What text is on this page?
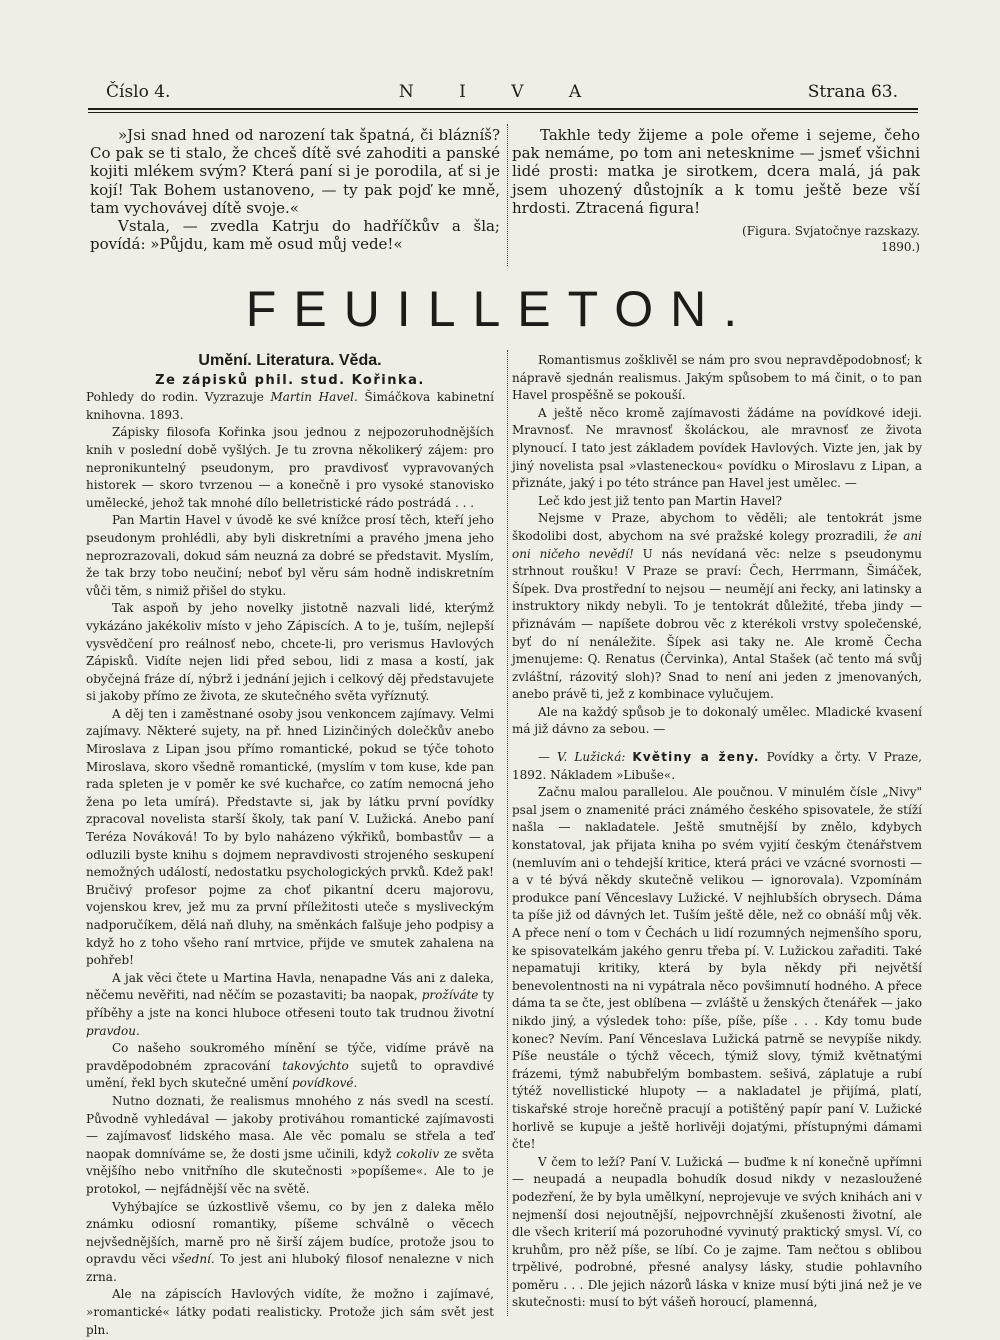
N I V A
Číslo 4.	Strana 63.

»Jsi snad hned od narození tak špatná, či blázníš? Co pak se ti stalo, že chceš dítě své zahoditi a panské kojiti mlékem svým? Která paní si je porodila, ať si je kojí! Tak Bohem ustanoveno, — ty pak pojď ke mně, tam vychovávej dítě svoje.«

Vstala, — zvedla Katrju do hadříčkův a šla; povídá: »Půjdu, kam mě osud můj vede!«

Takhle tedy žijeme a pole ořeme i sejeme, čeho pak nemáme, po tom ani netesknime — jsmeť všichni lidé prosti: matka je sirotkem, dcera malá, já pak jsem uhozený důstojník a k tomu ještě beze vší hrdosti. Ztracená figura!

(Figura. Svjatočnye razskazy.
1890.)

FEUILLETON.
Umění. Literatura. Věda.
Ze zápisků phil. stud. Kořinka.

Pohledy do rodin. Vyzrazuje Martin Havel. Šimáčkova kabinetní knihovna. 1893.

Zápisky filosofa Kořinka jsou jednou z nejpozoruhodnějších knih v poslední době vyšlých. Je tu zrovna několikerý zájem: pro nepronikuntelný pseudonym, pro pravdivosť vypravovaných historek — skoro tvrzenou — a konečně i pro vysoké stanovisko umělecké, jehož tak mnohé dílo belletristické rádo postrádá . . .

Pan Martin Havel v úvodě ke své knížce prosí těch, kteří jeho pseudonym prohlédli, aby byli diskretními a pravého jmena jeho neprozrazovali, dokud sám neuzná za dobré se představit. Myslím, že tak brzy tobo neučiní; neboť byl věru sám hodně indiskretním vůči těm, s nimiž přišel do styku.

Tak aspoň by jeho novelky jistotně nazvali lidé, kterýmž vykázáno jakékoliv místo v jeho Zápiscích. A to je, tuším, nejlepší vysvědčení pro reálnosť nebo, chcete-li, pro verismus Havlových Zápisků. Vidíte nejen lidi před sebou, lidi z masa a kostí, jak obyčejná fráze dí, nýbrž i jednání jejich i celkový děj představujete si jakoby přímo ze života, ze skutečného světa vyříznutý.

A děj ten i zaměstnané osoby jsou venkoncem zajímavy. Velmi zajímavy. Některé sujety, na př. hned Lizinčiných dolečkův anebo Miroslava z Lipan jsou přímo romantické, pokud se týče tohoto Miroslava, skoro všedně romantické, (myslím v tom kuse, kde pan rada spleten je v poměr ke své kuchařce, co zatím nemocná jeho žena po leta umírá). Představte si, jak by látku první povídky zpracoval novelista starší školy, tak paní V. Lužická. Anebo paní Teréza Nováková! To by bylo naházeno výkřiků, bombastův — a odluzili byste knihu s dojmem nepravdivosti strojeného seskupení nemožných událostí, nedostatku psychologických prvků. Kdež pak! Bručivý profesor pojme za choť pikantní dceru majorovu, vojenskou krev, jež mu za první příležitosti uteče s mysliveckým nadporučíkem, dělá naň dluhy, na směnkách falšuje jeho podpisy a když ho z toho všeho raní mrtvice, přijde ve smutek zahalena na pohřeb!

A jak věci čtete u Martina Havla, nenapadne Vás ani z daleka, něčemu nevěřiti, nad něčím se pozastaviti; ba naopak, prožíváte ty příběhy a jste na konci hluboce otřeseni touto tak trudnou životní pravdou.

Co našeho soukromého mínění se týče, vidíme právě na pravděpodobném zpracování takovýchto sujetů to opravdivé umění, řekl bych skutečné umění povídkové.

Nutno doznati, že realismus mnohého z nás svedl na scestí. Původně vyhledával — jakoby protiváhou romantické zajímavosti — zajímavosť lidského masa. Ale věc pomalu se střela a teď naopak domníváme se, že dosti jsme učinili, když cokoliv ze světa vnějšího nebo vnitřního dle skutečnosti »popíšeme«. Ale to je protokol, — nejfádnější věc na světě.

Vyhýbajíce se úzkostlivě všemu, co by jen z daleka mělo známku odiosní romantiky, píšeme schválně o věcech nejvšednějších, marně pro ně širší zájem budíce, protože jsou to opravdu věci všední. To jest ani hluboký filosof nenalezne v nich zrna.

Ale na zápiscích Havlových vidíte, že možno i zajímavé, »romantické« látky podati realisticky. Protože jich sám svět jest pln.

Romantismus zošklivěl se nám pro svou nepravděpodobnosť; k nápravě sjednán realismus. Jakým spůsobem to má činit, o to pan Havel prospěšně se pokouší.

A ještě něco kromě zajímavosti žádáme na povídkové ideji. Mravnosť. Ne mravnosť školáckou, ale mravnosť ze života plynoucí. I tato jest základem povídek Havlových. Vizte jen, jak by jiný novelista psal »vlasteneckou« povídku o Miroslavu z Lipan, a přiznáte, jaký i po této stránce pan Havel jest umělec. —

Leč kdo jest již tento pan Martin Havel?

Nejsme v Praze, abychom to věděli; ale tentokrát jsme škodolibi dost, abychom na své pražské kolegy prozradili, že ani oni ničeho nevědí! U nás nevídaná věc: nelze s pseudonymu strhnout roušku! V Praze se praví: Čech, Herrmann, Šimáček, Šípek. Dva prostřední to nejsou — neumějí ani řecky, ani latinsky a instruktory nikdy nebyli. To je tentokrát důležité, třeba jindy — přiznávám — napíšete dobrou věc z kterékoli vrstvy společenské, byť do ní nenáležite. Šípek asi taky ne. Ale kromě Čecha jmenujeme: Q. Renatus (Červinka), Antal Stašek (ač tento má svůj zvláštní, rázovitý sloh)? Snad to není ani jeden z jmenovaných, anebo právě ti, jež z kombinace vylučujem.

Ale na každý spůsob je to dokonalý umělec. Mladické kvasení má již dávno za sebou. —

— V. Lužická: Květiny a ženy. Povídky a črty. V Praze, 1892. Nákladem »Libuše«.

Začnu malou parallelou. Ale poučnou. V minulém čísle „Nivy" psal jsem o znamenité práci známého českého spisovatele, že stíží našla — nakladatele. Ještě smutnější by znělo, kdybych konstatoval, jak přijata kniha po svém vyjití českým čtenářstvem (nemluvím ani o tehdejší kritice, která práci ve vzácné svornosti — a v té bývá někdy skutečně velikou — ignorovala). Vzpomínám produkce paní Věnceslavy Lužické. V nejhlubších obrysech. Dáma ta píše již od dávných let. Tuším ještě děle, než co obnáší můj věk. A přece není o tom v Čechách u lidí rozumných nejmenšího sporu, ke spisovatelkám jakého genru třeba pí. V. Lužickou zařaditi. Také nepamatuji kritiky, která by byla někdy při největší benevolentnosti na ni vypátrala něco povšimnutí hodného. A přece dáma ta se čte, jest oblíbena — zvláště u ženských čtenářek — jako nikdo jiný, a výsledek toho: píše, píše, píše . . . Kdy tomu bude konec? Nevím. Paní Věnceslava Lužická patrně se nevypíše nikdy. Píše neustále o týchž věcech, týmiž slovy, týmiž květnatými frázemi, týmž nabubřelým bombastem. sešivá, záplatuje a rubí týtéž novellistické hlupoty — a nakladatel je přijímá, platí, tiskařské stroje horečně pracují a potištěný papír paní V. Lužické horlivě se kupuje a ještě horlivěji dojatými, přístupnými dámami čte!

V čem to leží? Paní V. Lužická — buďme k ní konečně upřímni — neupadá a neupadla bohudík dosud nikdy v nezasloužené podezření, že by byla umělkyní, neprojevuje ve svých knihách ani v nejmenší dosi nejoutnější, nejpovrchnější zkušenosti životní, ale dle všech kriterií má pozoruhodné vyvinutý praktický smysl. Ví, co kruhům, pro něž píše, se líbí. Co je zajme. Tam nečtou s oblibou trpělivé, podrobné, přesné analysy lásky, studie pohlavního poměru . . . Dle jejich názorů láska v knize musí býti jiná než je ve skutečnosti: musí to být vášeň horoucí, plamenná,
